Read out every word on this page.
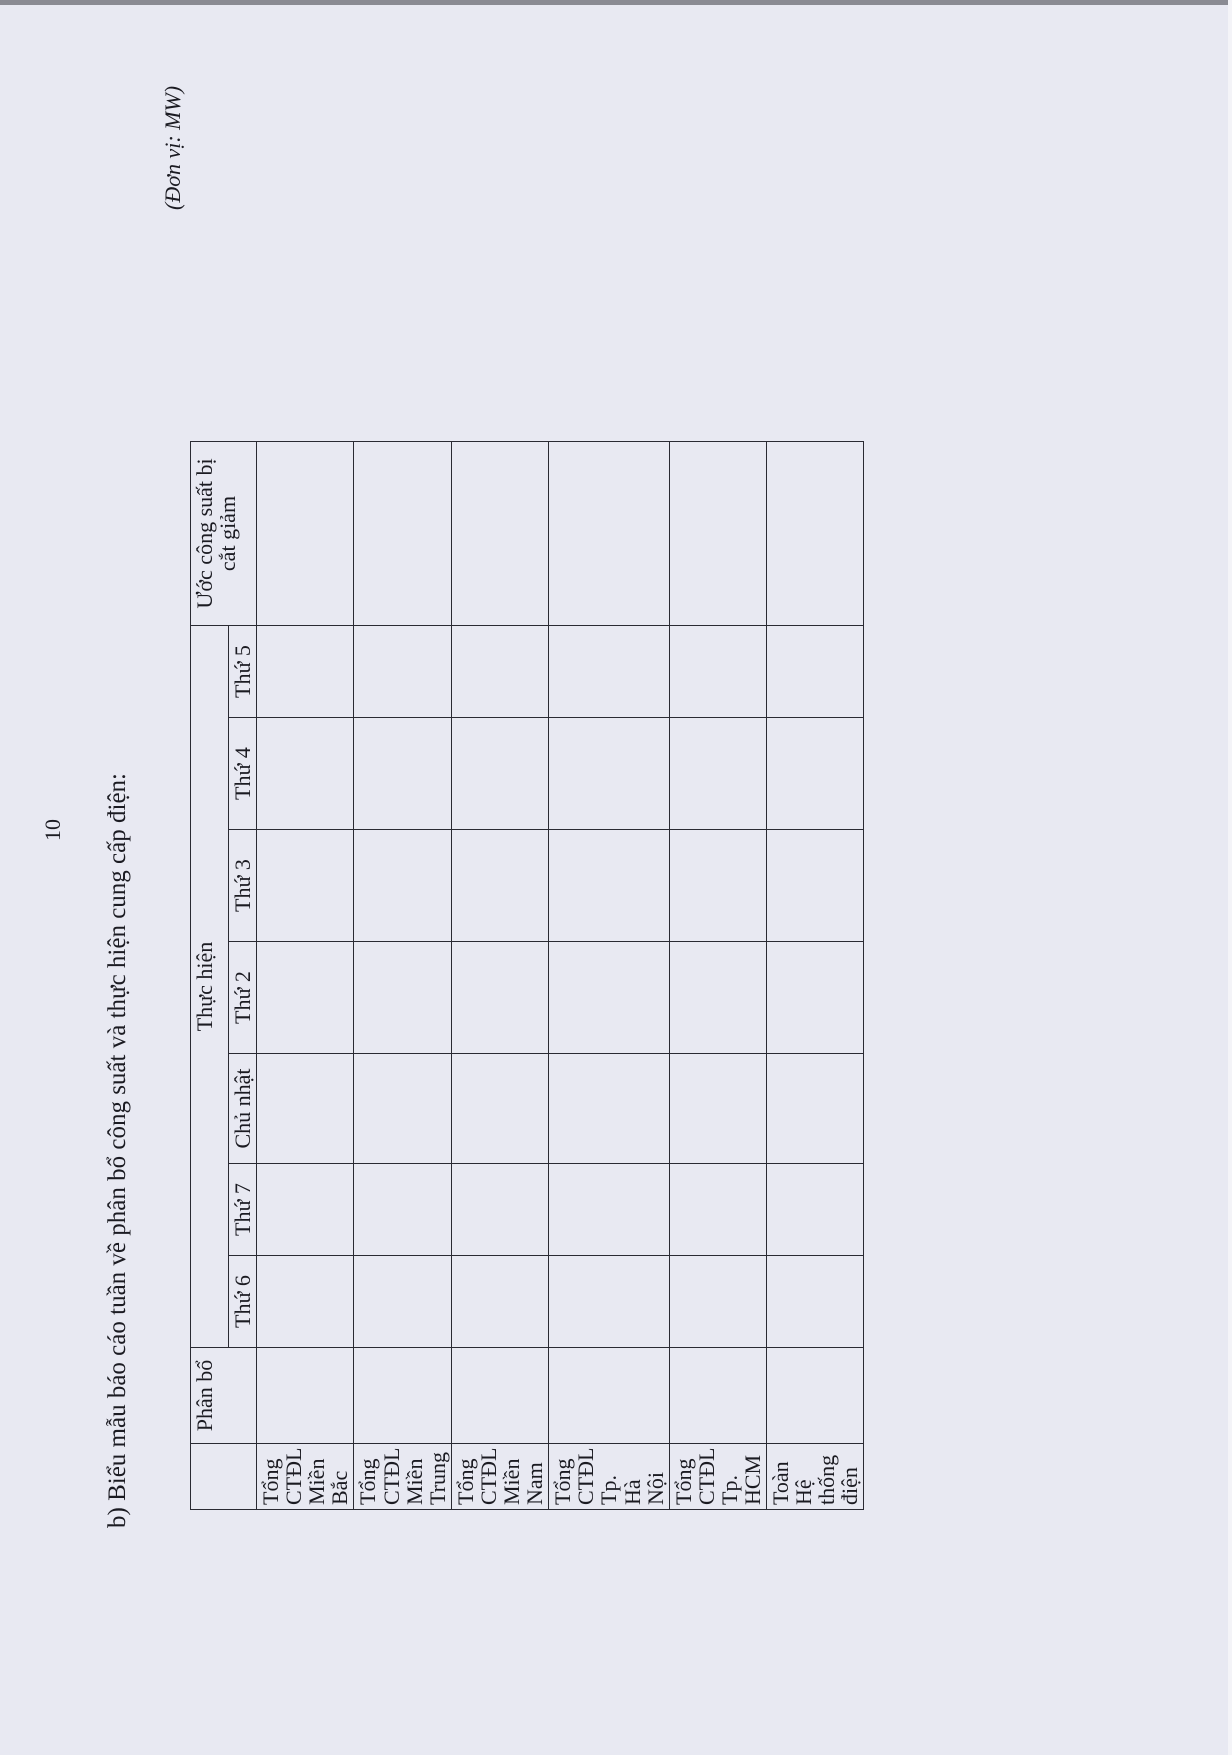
10 b) Biểu mẫu báo cáo tuần về phân bổ công suất và thực hiện cung cấp điện:
(Đơn vị: MW)
	Phân bổ	Thực hiện							Ước công suất bị cắt giảm
		Thứ 6	Thứ 7	Chủ nhật	Thứ 2	Thứ 3	Thứ 4	Thứ 5	
Tổng CTĐL Miền Bắc									
Tổng CTĐL Miền Trung									
Tổng CTĐL Miền Nam									
Tổng CTĐL Tp. Hà Nội									
Tổng CTĐL Tp. HCM									
Toàn Hệ thống điện									
